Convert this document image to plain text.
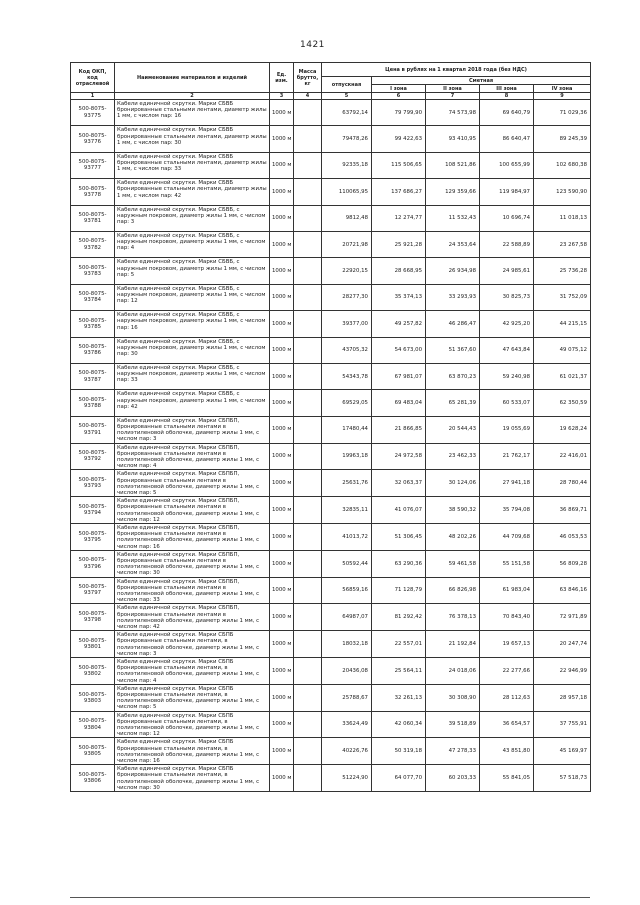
1421
Код ОКП, код отраслевой	Наименование материалов и изделий	Ед. изм.	Масса брутто, кг	Цена в рублях на 1 квартал 2018 года (без НДС)				
				отпускная	Сметная			
					I зона	II зона	III зона	IV зона
1	2	3	4	5	6	7	8	9
500-8075-93775	Кабели единичной скрутки. Марки СБВБ бронированные стальными лентами, диаметр жилы 1 мм, с числом пар: 16	1000 м		63792,14	79 799,90	74 573,98	69 640,79	71 029,36
500-8075-93776	Кабели единичной скрутки. Марки СБВБ бронированные стальными лентами, диаметр жилы 1 мм, с числом пар: 30	1000 м		79478,26	99 422,63	93 410,95	86 640,47	89 245,39
500-8075-93777	Кабели единичной скрутки. Марки СБВБ бронированные стальными лентами, диаметр жилы 1 мм, с числом пар: 33	1000 м		92335,18	115 506,65	108 521,86	100 655,99	102 680,38
500-8075-93778	Кабели единичной скрутки. Марки СБВБ бронированные стальными лентами, диаметр жилы 1 мм, с числом пар: 42	1000 м		110065,95	137 686,27	129 359,66	119 984,97	123 590,90
500-8075-93781	Кабели единичной скрутки. Марки СБВБ, с наружным покровом, диаметр жилы 1 мм, с числом пар: 3	1000 м		9812,48	12 274,77	11 532,43	10 696,74	11 018,13
500-8075-93782	Кабели единичной скрутки. Марки СБВБ, с наружным покровом, диаметр жилы 1 мм, с числом пар: 4	1000 м		20721,98	25 921,28	24 353,64	22 588,89	23 267,58
500-8075-93783	Кабели единичной скрутки. Марки СБВБ, с наружным покровом, диаметр жилы 1 мм, с числом пар: 5	1000 м		22920,15	28 668,95	26 934,98	24 985,61	25 736,28
500-8075-93784	Кабели единичной скрутки. Марки СБВБ, с наружным покровом, диаметр жилы 1 мм, с числом пар: 12	1000 м		28277,30	35 374,13	33 293,93	30 825,73	31 752,09
500-8075-93785	Кабели единичной скрутки. Марки СБВБ, с наружным покровом, диаметр жилы 1 мм, с числом пар: 16	1000 м		39377,00	49 257,82	46 286,47	42 925,20	44 215,15
500-8075-93786	Кабели единичной скрутки. Марки СБВБ, с наружным покровом, диаметр жилы 1 мм, с числом пар: 30	1000 м		43705,32	54 673,00	51 367,60	47 643,84	49 075,12
500-8075-93787	Кабели единичной скрутки. Марки СБВБ, с наружным покровом, диаметр жилы 1 мм, с числом пар: 33	1000 м		54343,78	67 981,07	63 870,23	59 240,98	61 021,37
500-8075-93788	Кабели единичной скрутки. Марки СБВБ, с наружным покровом, диаметр жилы 1 мм, с числом пар: 42	1000 м		69529,05	69 483,04	65 281,39	60 533,07	62 350,59
500-8075-93791	Кабели единичной скрутки. Марки СБПБП, бронированные стальными лентами в полиэтиленовой оболочке, диаметр жилы 1 мм, с числом пар: 3	1000 м		17480,44	21 866,85	20 544,43	19 055,69	19 628,24
500-8075-93792	Кабели единичной скрутки. Марки СБПБП, бронированные стальными лентами в полиэтиленовой оболочке, диаметр жилы 1 мм, с числом пар: 4	1000 м		19963,18	24 972,58	23 462,33	21 762,17	22 416,01
500-8075-93793	Кабели единичной скрутки. Марки СБПБП, бронированные стальными лентами в полиэтиленовой оболочке, диаметр жилы 1 мм, с числом пар: 5	1000 м		25631,76	32 063,37	30 124,06	27 941,18	28 780,44
500-8075-93794	Кабели единичной скрутки. Марки СБПБП, бронированные стальными лентами в полиэтиленовой оболочке, диаметр жилы 1 мм, с числом пар: 12	1000 м		32835,11	41 076,07	38 590,32	35 794,08	36 869,71
500-8075-93795	Кабели единичной скрутки. Марки СБПБП, бронированные стальными лентами в полиэтиленовой оболочке, диаметр жилы 1 мм, с числом пар: 16	1000 м		41013,72	51 306,45	48 202,26	44 709,68	46 053,53
500-8075-93796	Кабели единичной скрутки. Марки СБПБП, бронированные стальными лентами в полиэтиленовой оболочке, диаметр жилы 1 мм, с числом пар: 30	1000 м		50592,44	63 290,36	59 461,58	55 151,58	56 809,28
500-8075-93797	Кабели единичной скрутки. Марки СБПБП, бронированные стальными лентами в полиэтиленовой оболочке, диаметр жилы 1 мм, с числом пар: 33	1000 м		56859,16	71 128,79	66 826,98	61 983,04	63 846,16
500-8075-93798	Кабели единичной скрутки. Марки СБПБП, бронированные стальными лентами в полиэтиленовой оболочке, диаметр жилы 1 мм, с числом пар: 42	1000 м		64987,07	81 292,42	76 378,13	70 843,40	72 971,89
500-8075-93801	Кабели единичной скрутки. Марки СБПБ бронированные стальными лентами, в полиэтиленовой оболочке, диаметр жилы 1 мм, с числом пар: 3	1000 м		18032,18	22 557,01	21 192,84	19 657,13	20 247,74
500-8075-93802	Кабели единичной скрутки. Марки СБПБ бронированные стальными лентами, в полиэтиленовой оболочке, диаметр жилы 1 мм, с числом пар: 4	1000 м		20436,08	25 564,11	24 018,06	22 277,66	22 946,99
500-8075-93803	Кабели единичной скрутки. Марки СБПБ бронированные стальными лентами, в полиэтиленовой оболочке, диаметр жилы 1 мм, с числом пар: 5	1000 м		25788,67	32 261,13	30 308,90	28 112,63	28 957,18
500-8075-93804	Кабели единичной скрутки. Марки СБПБ бронированные стальными лентами, в полиэтиленовой оболочке, диаметр жилы 1 мм, с числом пар: 12	1000 м		33624,49	42 060,34	39 518,89	36 654,57	37 755,91
500-8075-93805	Кабели единичной скрутки. Марки СБПБ бронированные стальными лентами, в полиэтиленовой оболочке, диаметр жилы 1 мм, с числом пар: 16	1000 м		40226,76	50 319,18	47 278,33	43 851,80	45 169,97
500-8075-93806	Кабели единичной скрутки. Марки СБПБ бронированные стальными лентами, в полиэтиленовой оболочке, диаметр жилы 1 мм, с числом пар: 30	1000 м		51224,90	64 077,70	60 203,33	55 841,05	57 518,73
